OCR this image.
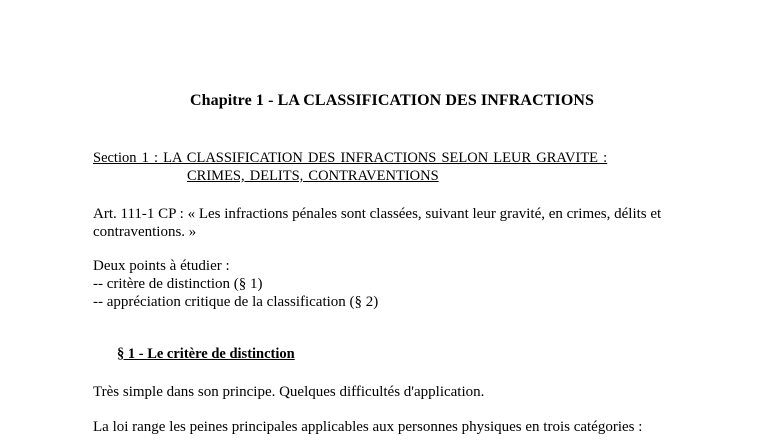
Chapitre 1 - LA CLASSIFICATION DES INFRACTIONS
Section 1 : LA CLASSIFICATION DES INFRACTIONS SELON LEUR GRAVITE :
CRIMES, DELITS, CONTRAVENTIONS
Art. 111-1 CP : « Les infractions pénales sont classées, suivant leur gravité, en crimes, délits et
contraventions. »
Deux points à étudier :
-- critère de distinction (§ 1)
-- appréciation critique de la classification (§ 2)
§ 1 - Le critère de distinction
Très simple dans son principe. Quelques difficultés d'application.
La loi range les peines principales applicables aux personnes physiques en trois catégories :
